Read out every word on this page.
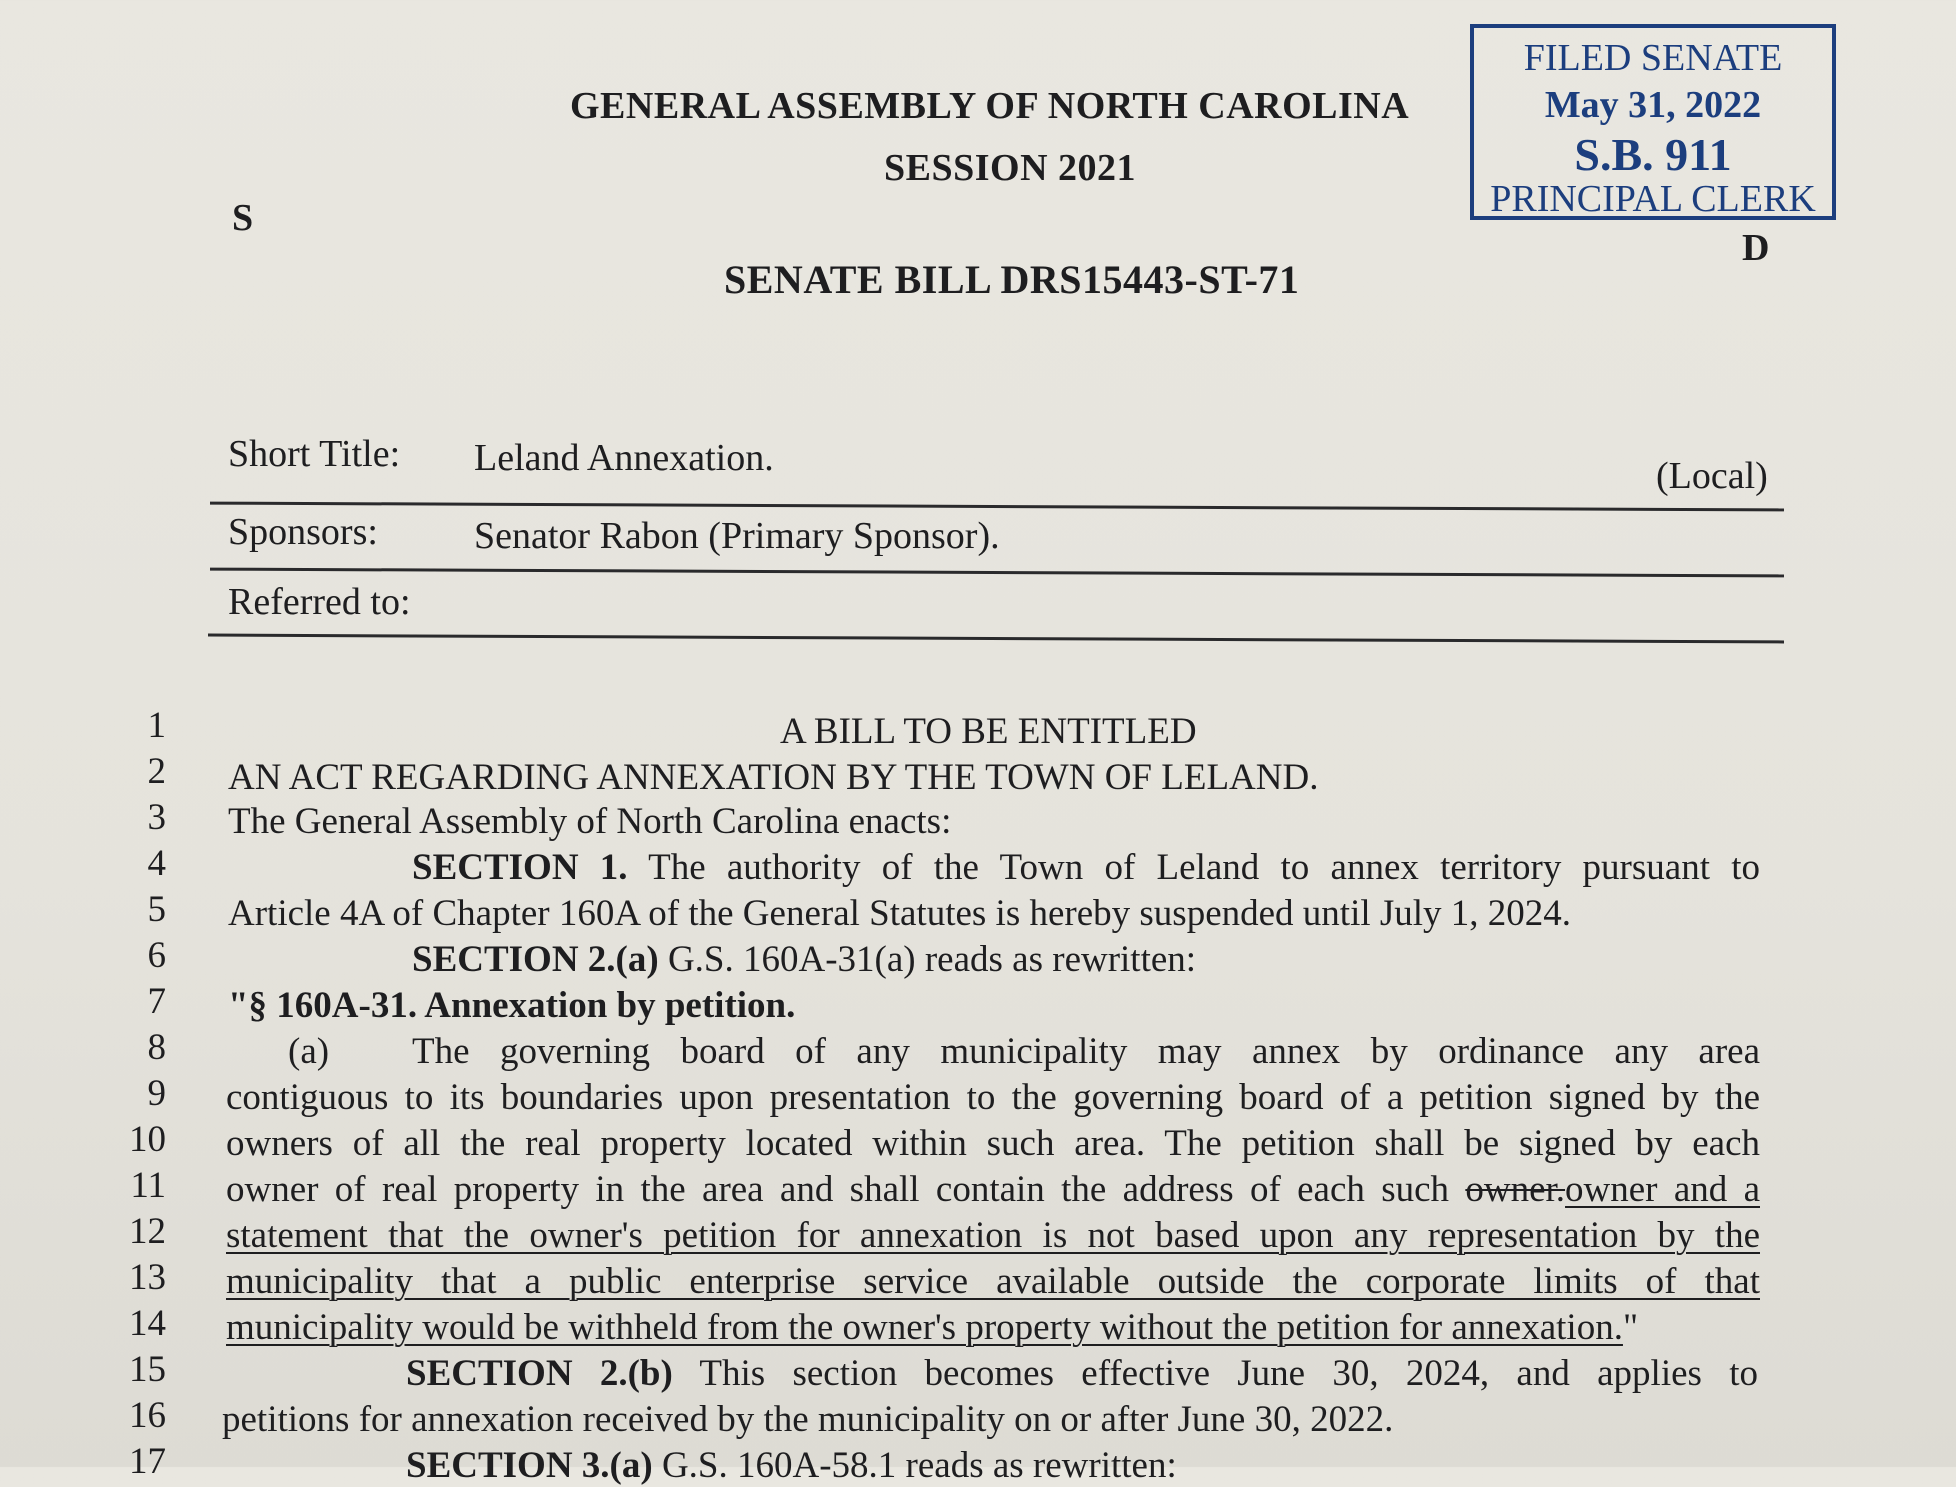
GENERAL ASSEMBLY OF NORTH CAROLINA
SESSION 2021
S
D
SENATE BILL DRS15443-ST-71
FILED SENATE
May 31, 2022
S.B. 911
PRINCIPAL CLERK
Short Title: Leland Annexation.	(Local)
Sponsors:	Senator Rabon (Primary Sponsor).
Referred to:
1
2
3
4
5
6
7
8
9
10
11
12
13
14
15
16
17
A BILL TO BE ENTITLED
AN ACT REGARDING ANNEXATION BY THE TOWN OF LELAND.
The General Assembly of North Carolina enacts:
SECTION 1. The authority of the Town of Leland to annex territory pursuant to
Article 4A of Chapter 160A of the General Statutes is hereby suspended until July 1, 2024.
SECTION 2.(a) G.S. 160A-31(a) reads as rewritten:
"§ 160A-31. Annexation by petition.
(a) The governing board of any municipality may annex by ordinance any area
contiguous to its boundaries upon presentation to the governing board of a petition signed by the
owners of all the real property located within such area. The petition shall be signed by each
owner of real property in the area and shall contain the address of each such owner.owner and a
statement that the owner's petition for annexation is not based upon any representation by the
municipality that a public enterprise service available outside the corporate limits of that
municipality would be withheld from the owner's property without the petition for annexation."
SECTION 2.(b) This section becomes effective June 30, 2024, and applies to
petitions for annexation received by the municipality on or after June 30, 2022.
SECTION 3.(a) G.S. 160A-58.1 reads as rewritten:
